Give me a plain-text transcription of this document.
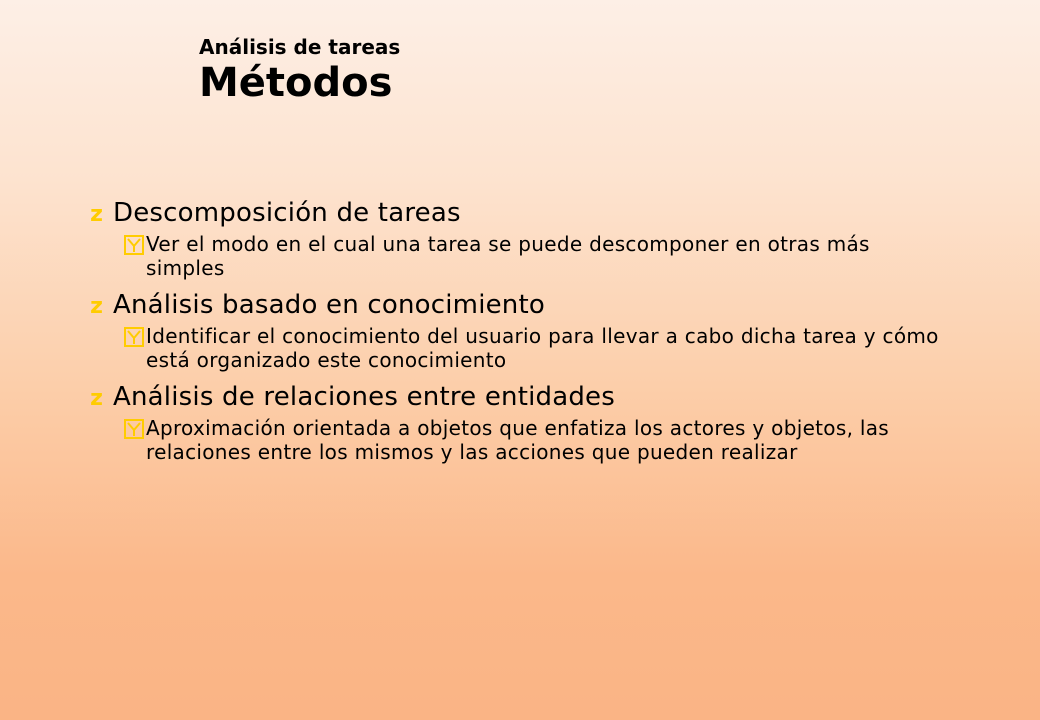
Análisis de tareas
Métodos
z Descomposición de tareas
Ver el modo en el cual una tarea se puede descomponer en otras más simples
z Análisis basado en conocimiento
Identificar el conocimiento del usuario para llevar a cabo dicha tarea y cómo está organizado este conocimiento
z Análisis de relaciones entre entidades
Aproximación orientada a objetos que enfatiza los actores y objetos, las relaciones entre los mismos y las acciones que pueden realizar
